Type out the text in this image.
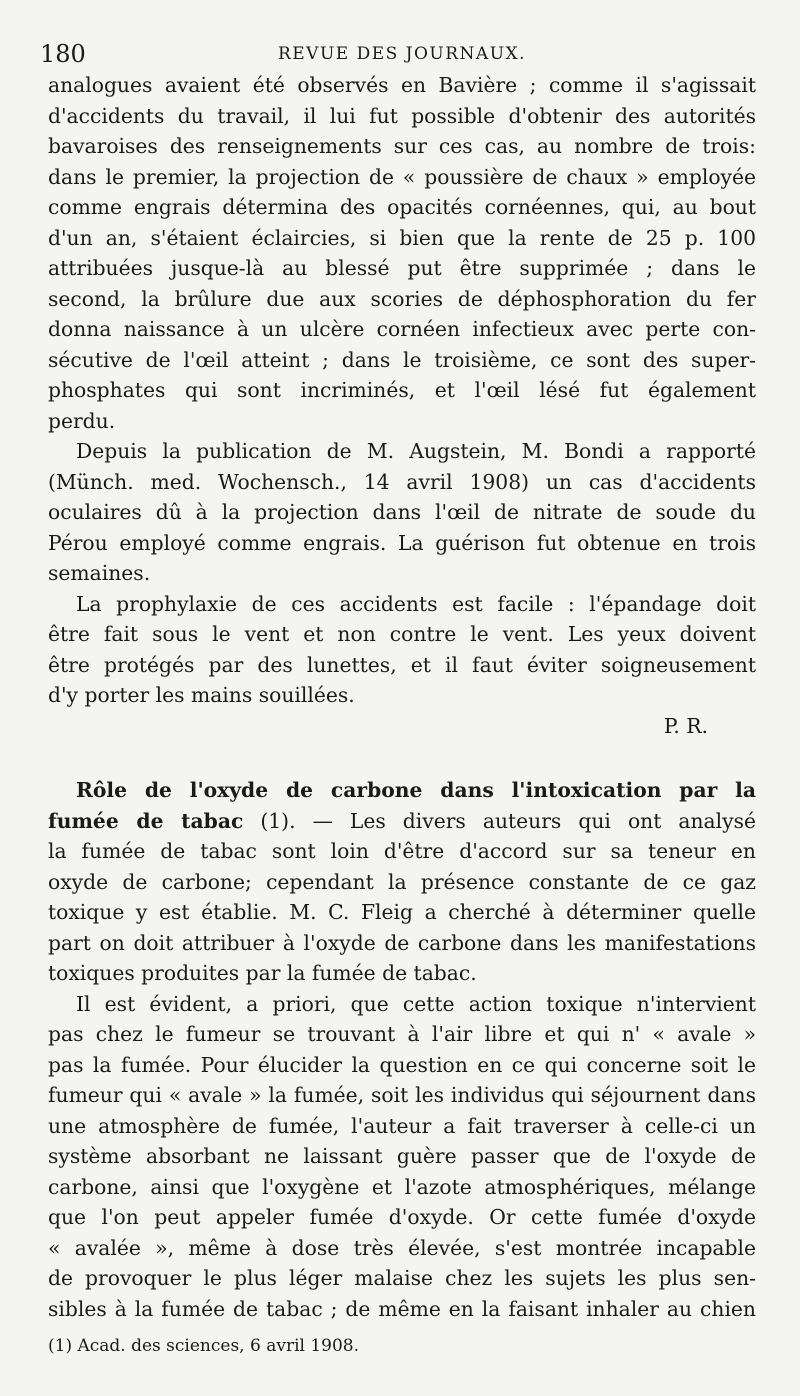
180	REVUE DES JOURNAUX.
analogues avaient été observés en Bavière ; comme il s'agissait
d'accidents du travail, il lui fut possible d'obtenir des autorités
bavaroises des renseignements sur ces cas, au nombre de trois:
dans le premier, la projection de « poussière de chaux » employée
comme engrais détermina des opacités cornéennes, qui, au bout
d'un an, s'étaient éclaircies, si bien que la rente de 25 p. 100
attribuées jusque-là au blessé put être supprimée ; dans le
second, la brûlure due aux scories de déphosphoration du fer
donna naissance à un ulcère cornéen infectieux avec perte con-
sécutive de l'œil atteint ; dans le troisième, ce sont des super-
phosphates qui sont incriminés, et l'œil lésé fut également
perdu.
Depuis la publication de M. Augstein, M. Bondi a rapporté
(Münch. med. Wochensch., 14 avril 1908) un cas d'accidents
oculaires dû à la projection dans l'œil de nitrate de soude du
Pérou employé comme engrais. La guérison fut obtenue en trois
semaines.
La prophylaxie de ces accidents est facile : l'épandage doit
être fait sous le vent et non contre le vent. Les yeux doivent
être protégés par des lunettes, et il faut éviter soigneusement
d'y porter les mains souillées.
P. R.
Rôle de l'oxyde de carbone dans l'intoxication par la
fumée de tabac (1). — Les divers auteurs qui ont analysé
la fumée de tabac sont loin d'être d'accord sur sa teneur en
oxyde de carbone; cependant la présence constante de ce gaz
toxique y est établie. M. C. Fleig a cherché à déterminer quelle
part on doit attribuer à l'oxyde de carbone dans les manifestations
toxiques produites par la fumée de tabac.
Il est évident, a priori, que cette action toxique n'intervient
pas chez le fumeur se trouvant à l'air libre et qui n' « avale »
pas la fumée. Pour élucider la question en ce qui concerne soit le
fumeur qui « avale » la fumée, soit les individus qui séjournent dans
une atmosphère de fumée, l'auteur a fait traverser à celle-ci un
système absorbant ne laissant guère passer que de l'oxyde de
carbone, ainsi que l'oxygène et l'azote atmosphériques, mélange
que l'on peut appeler fumée d'oxyde. Or cette fumée d'oxyde
« avalée », même à dose très élevée, s'est montrée incapable
de provoquer le plus léger malaise chez les sujets les plus sen-
sibles à la fumée de tabac ; de même en la faisant inhaler au chien
(1) Acad. des sciences, 6 avril 1908.
